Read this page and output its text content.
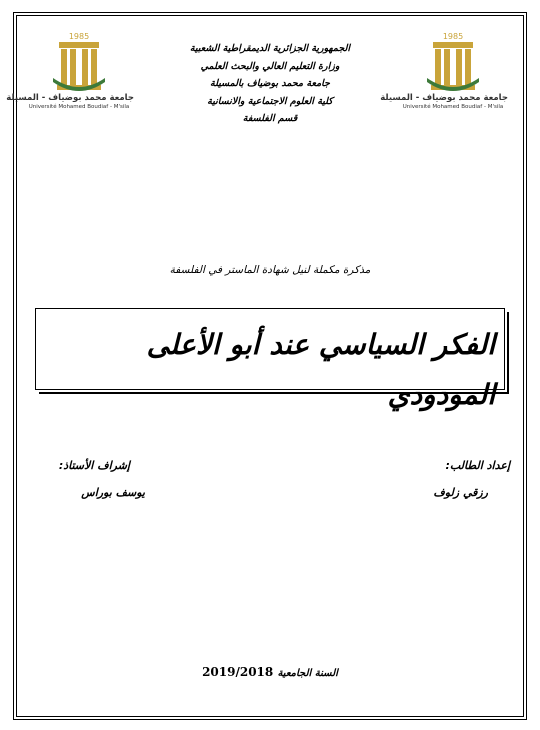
1985
جامعة محمد بوضياف - المسيلة
Université Mohamed Boudiaf - M'sila
1985
جامعة محمد بوضياف - المسيلة
Université Mohamed Boudiaf - M'sila
الجمهورية الجزائرية الديمقراطية الشعبية
وزارة التعليم العالي والبحث العلمي
جامعة محمد بوضياف بالمسيلة
كلية العلوم الاجتماعية والانسانية
قسم الفلسفة
مذكرة مكملة لنيل شهادة الماستر في الفلسفة
الفكر السياسي عند أبو الأعلى المودودي
إعداد الطالب:
إشراف الأستاذ:
رزقي زلوف
يوسف بوراس
السنة الجامعية 2019/2018
